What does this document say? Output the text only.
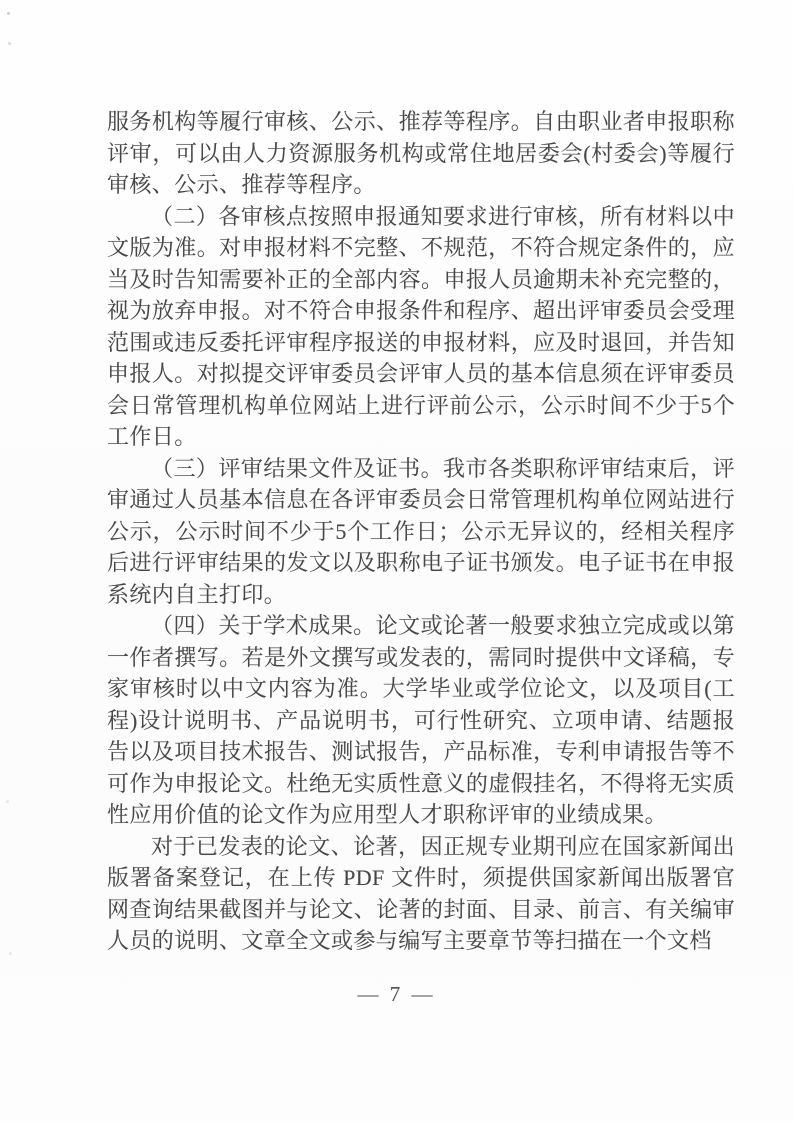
服务机构等履行审核、公示、推荐等程序。自由职业者申报职称评审，可以由人力资源服务机构或常住地居委会(村委会)等履行审核、公示、推荐等程序。

（二）各审核点按照申报通知要求进行审核，所有材料以中文版为准。对申报材料不完整、不规范，不符合规定条件的，应当及时告知需要补正的全部内容。申报人员逾期未补充完整的，视为放弃申报。对不符合申报条件和程序、超出评审委员会受理范围或违反委托评审程序报送的申报材料，应及时退回，并告知申报人。对拟提交评审委员会评审人员的基本信息须在评审委员会日常管理机构单位网站上进行评前公示，公示时间不少于5个工作日。

（三）评审结果文件及证书。我市各类职称评审结束后，评审通过人员基本信息在各评审委员会日常管理机构单位网站进行公示，公示时间不少于5个工作日；公示无异议的，经相关程序后进行评审结果的发文以及职称电子证书颁发。电子证书在申报系统内自主打印。

（四）关于学术成果。论文或论著一般要求独立完成或以第一作者撰写。若是外文撰写或发表的，需同时提供中文译稿，专家审核时以中文内容为准。大学毕业或学位论文，以及项目(工程)设计说明书、产品说明书，可行性研究、立项申请、结题报告以及项目技术报告、测试报告，产品标准，专利申请报告等不可作为申报论文。杜绝无实质性意义的虚假挂名，不得将无实质性应用价值的论文作为应用型人才职称评审的业绩成果。

对于已发表的论文、论著，因正规专业期刊应在国家新闻出版署备案登记，在上传 PDF 文件时，须提供国家新闻出版署官网查询结果截图并与论文、论著的封面、目录、前言、有关编审人员的说明、文章全文或参与编写主要章节等扫描在一个文档

— 7 —
